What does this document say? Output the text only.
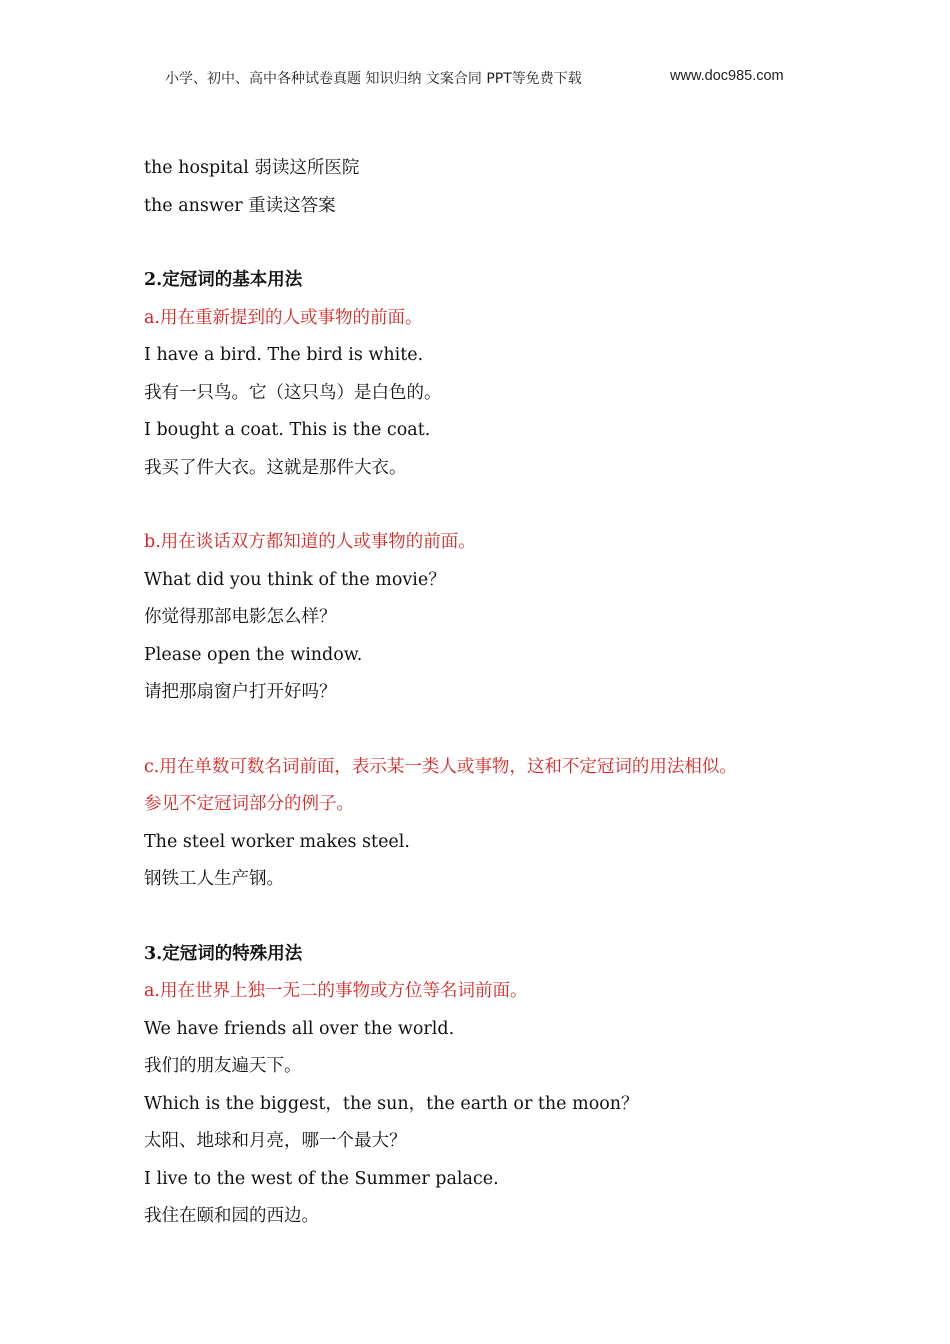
小学、初中、高中各种试卷真题 知识归纳 文案合同 PPT等免费下载	www.doc985.com
the hospital 弱读这所医院
the answer 重读这答案
2.定冠词的基本用法
a.用在重新提到的人或事物的前面。
I have a bird. The bird is white.
我有一只鸟。它（这只鸟）是白色的。
I bought a coat. This is the coat.
我买了件大衣。这就是那件大衣。
b.用在谈话双方都知道的人或事物的前面。
What did you think of the movie？
你觉得那部电影怎么样？
Please open the window.
请把那扇窗户打开好吗？
c.用在单数可数名词前面，表示某一类人或事物，这和不定冠词的用法相似。
参见不定冠词部分的例子。
The steel worker makes steel.
钢铁工人生产钢。
3.定冠词的特殊用法
a.用在世界上独一无二的事物或方位等名词前面。
We have friends all over the world.
我们的朋友遍天下。
Which is the biggest，the sun，the earth or the moon？
太阳、地球和月亮，哪一个最大？
I live to the west of the Summer palace.
我住在颐和园的西边。
